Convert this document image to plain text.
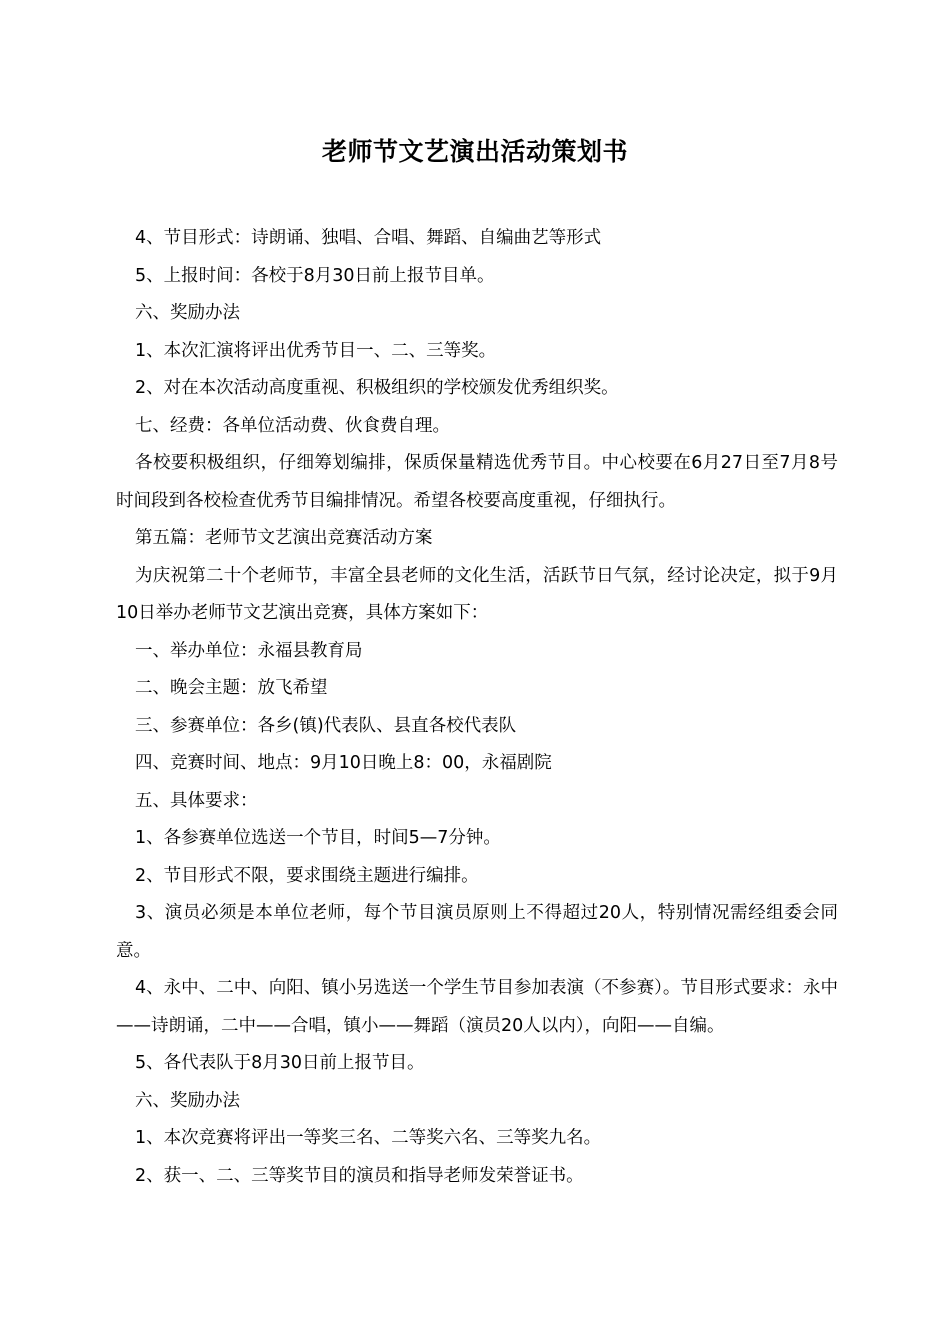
老师节文艺演出活动策划书

4、节目形式：诗朗诵、独唱、合唱、舞蹈、自编曲艺等形式

5、上报时间：各校于8月30日前上报节目单。

六、奖励办法

1、本次汇演将评出优秀节目一、二、三等奖。

2、对在本次活动高度重视、积极组织的学校颁发优秀组织奖。

七、经费：各单位活动费、伙食费自理。

各校要积极组织，仔细筹划编排，保质保量精选优秀节目。中心校要在6月27日至7月8号时间段到各校检查优秀节目编排情况。希望各校要高度重视，仔细执行。

第五篇：老师节文艺演出竞赛活动方案

为庆祝第二十个老师节，丰富全县老师的文化生活，活跃节日气氛，经讨论决定，拟于9月10日举办老师节文艺演出竞赛，具体方案如下：

一、举办单位：永福县教育局

二、晚会主题：放飞希望

三、参赛单位：各乡(镇)代表队、县直各校代表队

四、竞赛时间、地点：9月10日晚上8：00，永福剧院

五、具体要求：

1、各参赛单位选送一个节目，时间5—7分钟。

2、节目形式不限，要求围绕主题进行编排。

3、演员必须是本单位老师，每个节目演员原则上不得超过20人，特别情况需经组委会同意。

4、永中、二中、向阳、镇小另选送一个学生节目参加表演（不参赛）。节目形式要求：永中——诗朗诵，二中——合唱，镇小——舞蹈（演员20人以内），向阳——自编。

5、各代表队于8月30日前上报节目。

六、奖励办法

1、本次竞赛将评出一等奖三名、二等奖六名、三等奖九名。

2、获一、二、三等奖节目的演员和指导老师发荣誉证书。
